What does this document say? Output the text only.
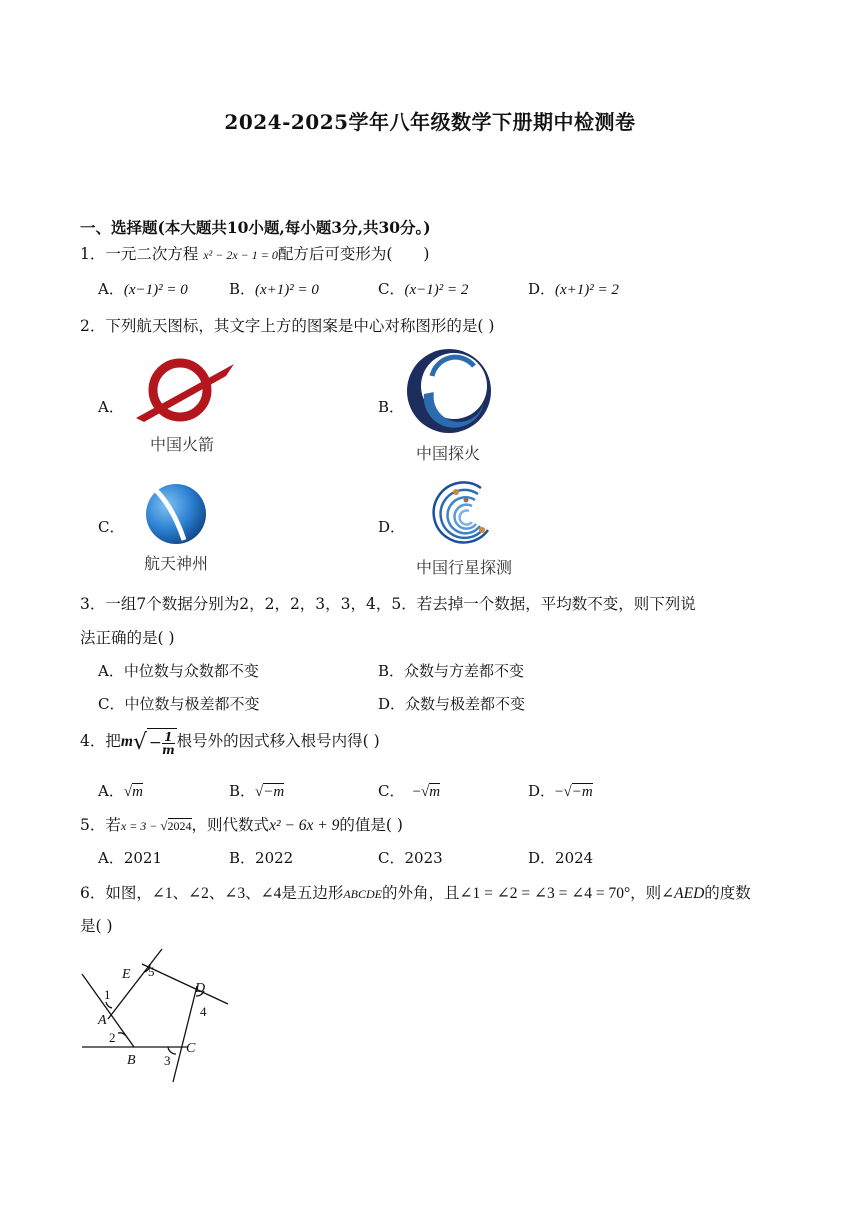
2024-2025学年八年级数学下册期中检测卷
一、选择题(本大题共10小题,每小题3分,共30分。)
1．一元二次方程 x² − 2x − 1 = 0配方后可变形为(　　)
A．(x−1)² = 0	B．(x+1)² = 0	C．(x−1)² = 2	D．(x+1)² = 2
2．下列航天图标，其文字上方的图案是中心对称图形的是( )
A．
中国火箭
B．
中国探火
C．
航天神州
D．
中国行星探测
3．一组7个数据分别为2，2，2，3，3，4，5．若去掉一个数据，平均数不变，则下列说
法正确的是( )
A．中位数与众数都不变	B．众数与方差都不变
C．中位数与极差都不变	D．众数与极差都不变
4．把$m√ - \frac{1}{m}$ 根号外的因式移入根号内得( )
A．√m	B．√−m	C． −√m	D．−√−m
5．若x = 3 − √2024，则代数式x² − 6x + 9的值是( )
A．2021	B．2022	C．2023	D．2024
6．如图，∠1、∠2、∠3、∠4是五边形ABCDE的外角，且∠1 = ∠2 = ∠3 = ∠4 = 70°，则∠AED的度数
是( )
A
B
C
D
E
1
2
3
4
5
